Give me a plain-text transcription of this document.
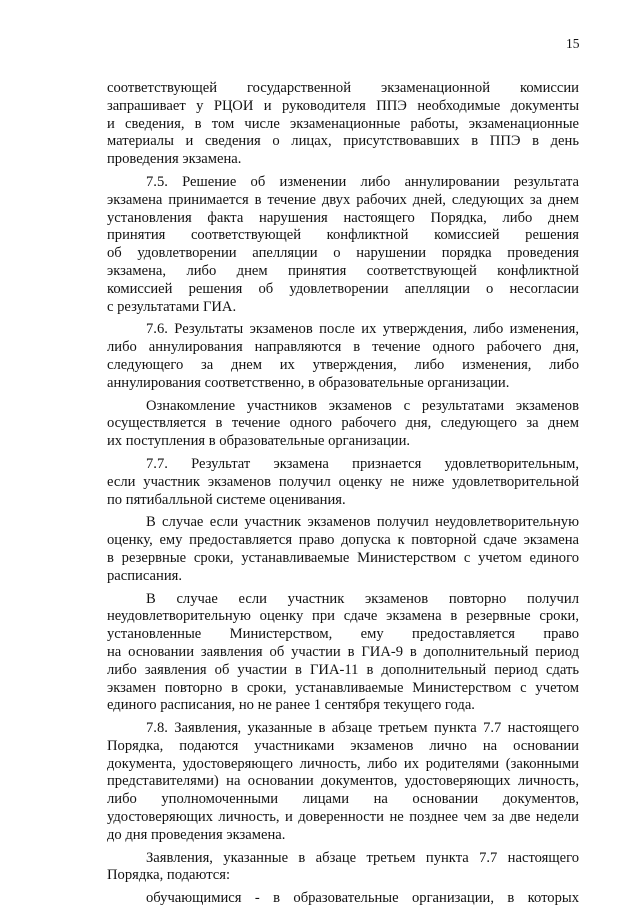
15
соответствующей государственной экзаменационной комиссии
запрашивает у РЦОИ и руководителя ППЭ необходимые документы
и сведения, в том числе экзаменационные работы, экзаменационные
материалы и сведения о лицах, присутствовавших в ППЭ в день
проведения экзамена.
7.5. Решение об изменении либо аннулировании результата
экзамена принимается в течение двух рабочих дней, следующих за днем
установления факта нарушения настоящего Порядка, либо днем
принятия соответствующей конфликтной комиссией решения
об удовлетворении апелляции о нарушении порядка проведения
экзамена, либо днем принятия соответствующей конфликтной
комиссией решения об удовлетворении апелляции о несогласии
с результатами ГИА.
7.6. Результаты экзаменов после их утверждения, либо изменения,
либо аннулирования направляются в течение одного рабочего дня,
следующего за днем их утверждения, либо изменения, либо
аннулирования соответственно, в образовательные организации.
Ознакомление участников экзаменов с результатами экзаменов
осуществляется в течение одного рабочего дня, следующего за днем
их поступления в образовательные организации.
7.7. Результат экзамена признается удовлетворительным,
если участник экзаменов получил оценку не ниже удовлетворительной
по пятибалльной системе оценивания.
В случае если участник экзаменов получил неудовлетворительную
оценку, ему предоставляется право допуска к повторной сдаче экзамена
в резервные сроки, устанавливаемые Министерством с учетом единого
расписания.
В случае если участник экзаменов повторно получил
неудовлетворительную оценку при сдаче экзамена в резервные сроки,
установленные Министерством, ему предоставляется право
на основании заявления об участии в ГИА-9 в дополнительный период
либо заявления об участии в ГИА-11 в дополнительный период сдать
экзамен повторно в сроки, устанавливаемые Министерством с учетом
единого расписания, но не ранее 1 сентября текущего года.
7.8. Заявления, указанные в абзаце третьем пункта 7.7 настоящего
Порядка, подаются участниками экзаменов лично на основании
документа, удостоверяющего личность, либо их родителями (законными
представителями) на основании документов, удостоверяющих личность,
либо уполномоченными лицами на основании документов,
удостоверяющих личность, и доверенности не позднее чем за две недели
до дня проведения экзамена.
Заявления, указанные в абзаце третьем пункта 7.7 настоящего
Порядка, подаются:
обучающимися - в образовательные организации, в которых
